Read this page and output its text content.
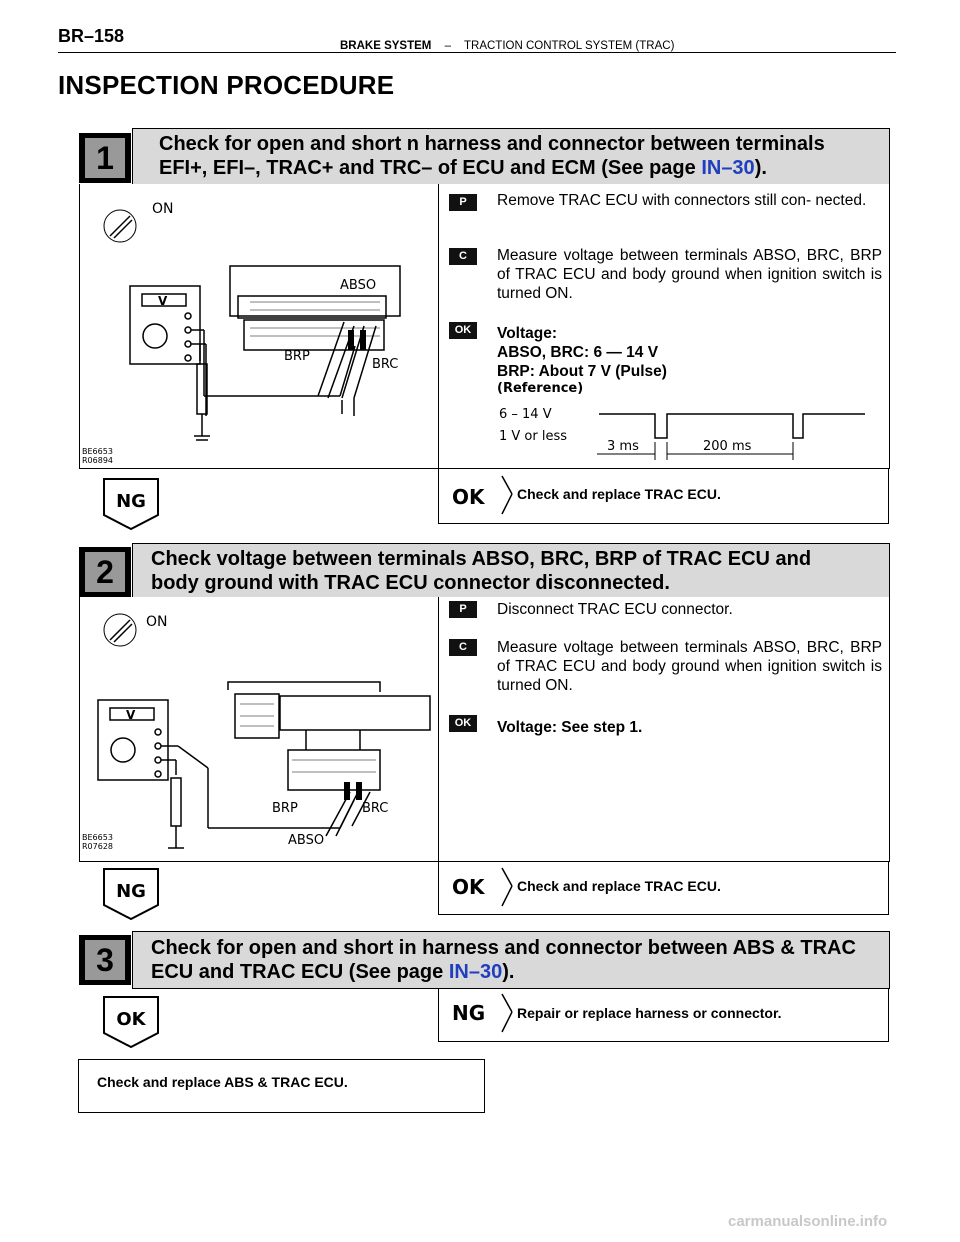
BR–158	BRAKE SYSTEM – TRACTION CONTROL SYSTEM (TRAC)
INSPECTION PROCEDURE
1	Check for open and short n harness and connector between terminals
EFI+, EFI–, TRAC+ and TRC– of ECU and ECM (See page IN–30).
ON
V
ABSO
BRP
BRC
BE6653
R06894
P	Remove TRAC ECU with connectors still con- nected.
C	Measure voltage between terminals ABSO, BRC, BRP of TRAC ECU and body ground when ignition switch is turned ON.
OK	Voltage:
ABSO, BRC: 6 — 14 V
BRP: About 7 V (Pulse)
(Reference)
6 – 14 V
1 V or less
3 ms	200 ms
NG	OK Check and replace TRAC ECU.
2	Check voltage between terminals ABSO, BRC, BRP of TRAC ECU and
body ground with TRAC ECU connector disconnected.
ON
V
BRP	BRC
ABSO
BE6653
R07628
P	Disconnect TRAC ECU connector.
C	Measure voltage between terminals ABSO, BRC, BRP of TRAC ECU and body ground when ignition switch is turned ON.
OK	Voltage: See step 1.
NG	OK Check and replace TRAC ECU.
3	Check for open and short in harness and connector between ABS & TRAC
ECU and TRAC ECU (See page IN–30).
OK	NG Repair or replace harness or connector.
Check and replace ABS & TRAC ECU.
carmanualsonline.info
